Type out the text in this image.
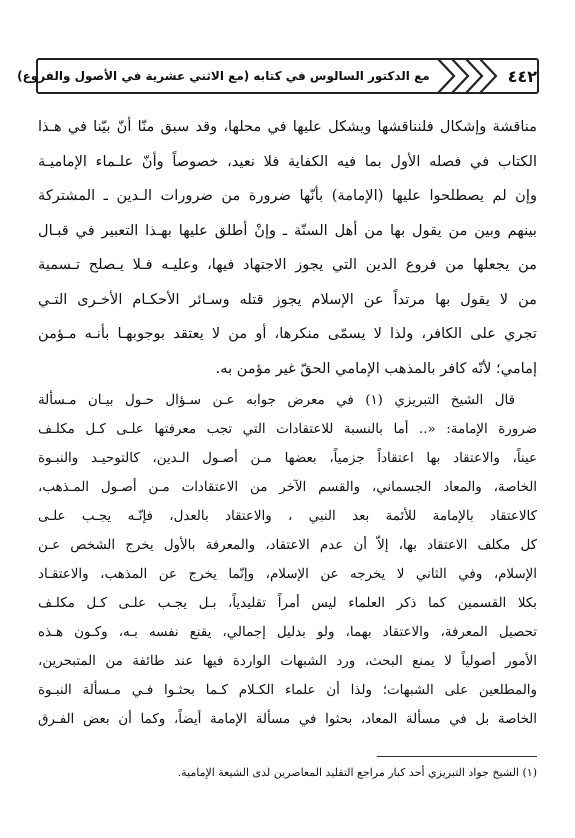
٤٤٢
مع الدكتور السالوس في كتابه (مع الاثني عشرية في الأصول والفروع)
مناقشة وإشكال فلنناقشها ويشكل عليها في محلها، وقد سبق منّا أنّ بيّنا في هـذا
الكتاب في فصله الأول بما فيه الكفاية فلا نعيد، خصوصاً وأنّ علـماء الإماميـة
وإن لم يصطلحوا عليها (الإمامة) بأنّها ضرورة من ضرورات الـدين ـ المشتركة
بينهم وبين من يقول بها من أهل السنّة ـ وإنْ أطلق عليها بهـذا التعبير في قبـال
من يجعلها من فروع الدين التي يجوز الاجتهاد فيها، وعليـه فـلا يـصلح تـسمية
من لا يقول بها مرتداً عن الإسلام يجوز قتله وسـائر الأحكـام الأخـرى التـي
تجري على الكافر، ولذا لا يسمّى منكرها، أو من لا يعتقد بوجوبهـا بأنـه مـؤمن
إمامي؛ لأنّه كافر بالمذهب الإمامي الحقّ غير مؤمن به.
قال الشيخ التبريزي (١) في معرض جوابه عـن سـؤال حـول بيـان مـسألة
ضرورة الإمامة: «.. أما بالنسبة للاعتقادات التي تجب معرفتها علـى كـل مكلـف
عيناً، والاعتقاد بها اعتقاداً جزمياً، بعضها مـن أصـول الـدين، كالتوحيـد والنبـوة
الخاصة، والمعاد الجسماني، والقسم الآخر من الاعتقادات مـن أصـول المـذهب،
كالاعتقاد بالإمامة للأئمة بعد النبي ، والاعتقاد بالعدل، فإنّـه يجـب علـى
كل مكلف الاعتقاد بها، إلاّ أن عدم الاعتقاد، والمعرفة بالأول يخرج الشخص عـن
الإسلام، وفي الثاني لا يخرجه عن الإسلام، وإنّما يخرج عن المذهب، والاعتقـاد
بكلا القسمين كما ذكر العلماء ليس أمراً تقليدياً، بـل يجـب علـى كـل مكلـف
تحصيل المعرفة، والاعتقاد بهما، ولو بدليل إجمالي، يقنع نفسه بـه، وكـون هـذه
الأمور أصولياً لا يمنع البحث، ورد الشبهات الواردة فيها عند طائفة من المتبحرين،
والمطلعين على الشبهات؛ ولذا أن علماء الكـلام كـما بحثـوا فـي مـسألة النبـوة
الخاصة بل في مسألة المعاد، بحثوا في مسألة الإمامة أيضاً، وكما أن بعض الفـرق
(١) الشيخ جواد التبريزي أحد كبار مراجع التقليد المعاصرين لدى الشيعة الإمامية.
